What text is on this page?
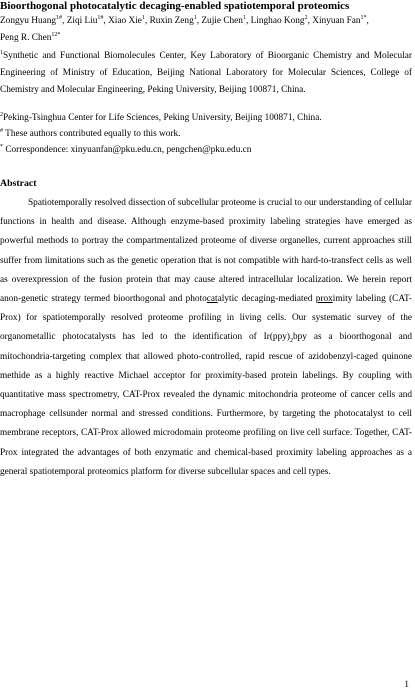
Bioorthogonal photocatalytic decaging-enabled spatiotemporal proteomics
Zongyu Huang$^{1\#}$, Ziqi Liu$^{1\#}$, Xiao Xie$^1$, Ruxin Zeng$^1$, Zujie Chen$^1$, Linghao Kong$^2$, Xinyuan Fan$^{1*}$,
Peng R. Chen$^{12*}$
$^1$Synthetic and Functional Biomolecules Center, Key Laboratory of Bioorganic Chemistry and Molecular Engineering of Ministry of Education, Beijing National Laboratory for Molecular Sciences, College of Chemistry and Molecular Engineering, Peking University, Beijing 100871, China.
$^2$Peking-Tsinghua Center for Life Sciences, Peking University, Beijing 100871, China.
# These authors contributed equally to this work.
* Correspondence: xinyuanfan@pku.edu.cn, pengchen@pku.edu.cn
Abstract
Spatiotemporally resolved dissection of subcellular proteome is crucial to our understanding of cellular functions in health and disease. Although enzyme-based proximity labeling strategies have emerged as powerful methods to portray the compartmentalized proteome of diverse organelles, current approaches still suffer from limitations such as the genetic operation that is not compatible with hard-to-transfect cells as well as overexpression of the fusion protein that may cause altered intracellular localization. We herein report anon-genetic strategy termed bioorthogonal and photocatalytic decaging-mediated proximity labeling (CAT-Prox) for spatiotemporally resolved proteome profiling in living cells. Our systematic survey of the organometallic photocatalysts has led to the identification of $Ir(ppy)_2bpy$ as a bioorthogonal and mitochondria-targeting complex that allowed photo-controlled, rapid rescue of azidobenzyl-caged quinone methide as a highly reactive Michael acceptor for proximity-based protein labelings. By coupling with quantitative mass spectrometry, CAT-Prox revealed the dynamic mitochondria proteome of cancer cells and macrophage cellsunder normal and stressed conditions. Furthermore, by targeting the photocatalyst to cell membrane receptors, CAT-Prox allowed microdomain proteome profiling on live cell surface. Together, CAT-Prox integrated the advantages of both enzymatic and chemical-based proximity labeling approaches as a general spatiotemporal proteomics platform for diverse subcellular spaces and cell types.
1
